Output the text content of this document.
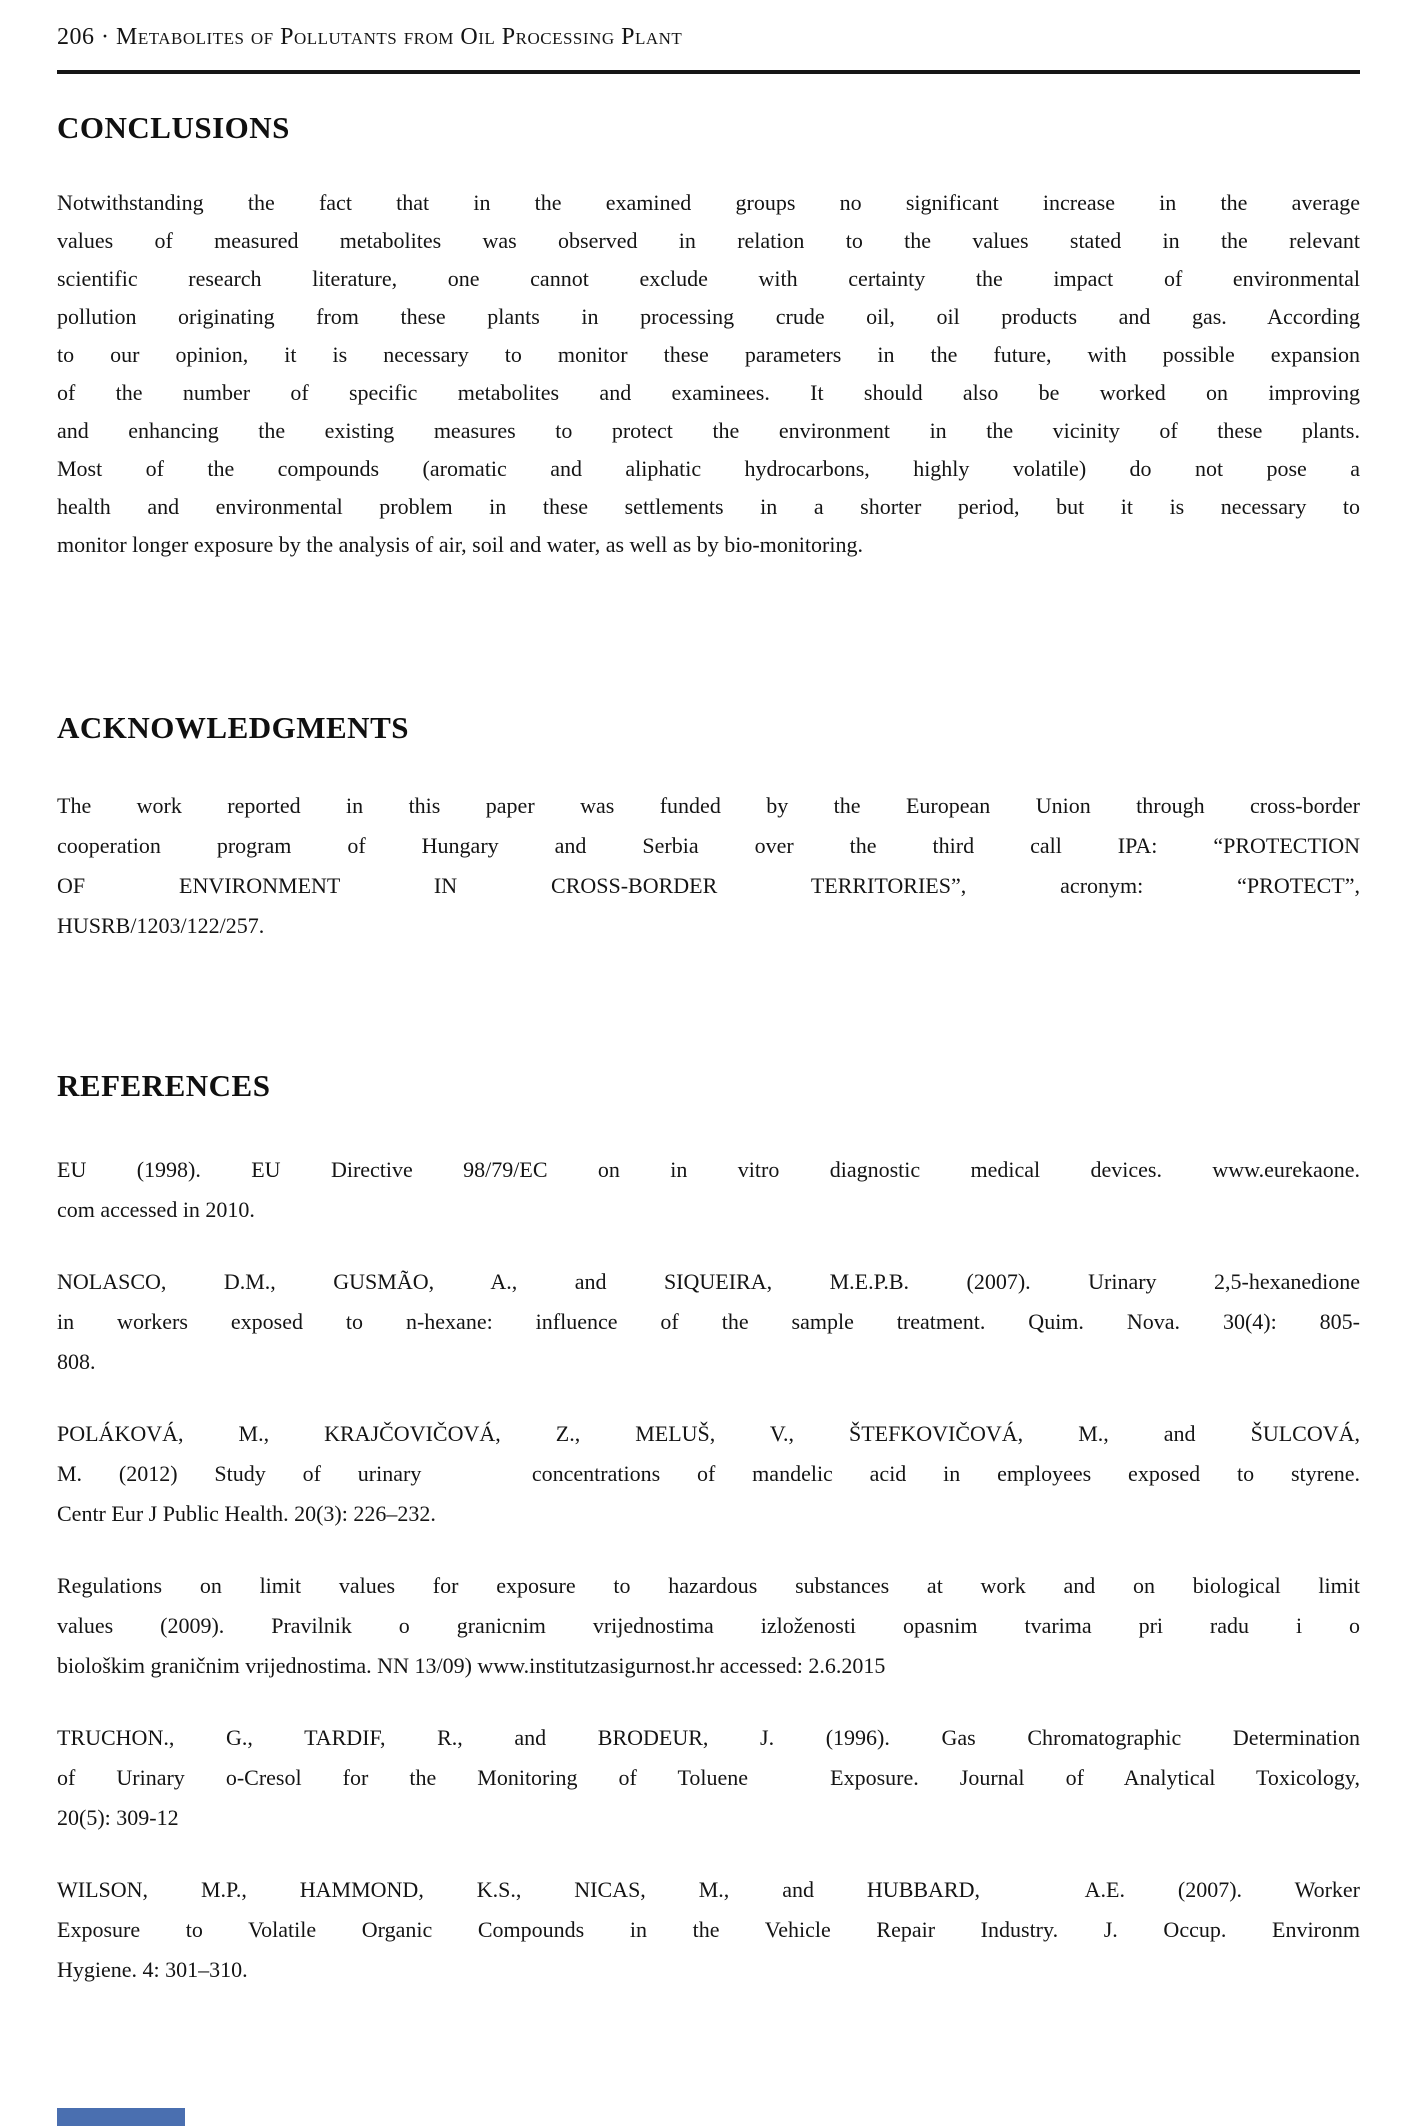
206 · Metabolites of Pollutants from Oil Processing Plant
CONCLUSIONS
Notwithstanding the fact that in the examined groups no significant increase in the average
values of measured metabolites was observed in relation to the values stated in the relevant
scientific research literature, one cannot exclude with certainty the impact of environmental
pollution originating from these plants in processing crude oil, oil products and gas. According
to our opinion, it is necessary to monitor these parameters in the future, with possible expansion
of the number of specific metabolites and examinees. It should also be worked on improving
and enhancing the existing measures to protect the environment in the vicinity of these plants.
Most of the compounds (aromatic and aliphatic hydrocarbons, highly volatile) do not pose a
health and environmental problem in these settlements in a shorter period, but it is necessary to
monitor longer exposure by the analysis of air, soil and water, as well as by bio-monitoring.
ACKNOWLEDGMENTS
The work reported in this paper was funded by the European Union through cross-border
cooperation program of Hungary and Serbia over the third call IPA: “PROTECTION
OF ENVIRONMENT IN CROSS-BORDER TERRITORIES”, acronym: “PROTECT”,
HUSRB/1203/122/257.
REFERENCES
EU (1998). EU Directive 98/79/EC on in vitro diagnostic medical devices. www.eurekaone.
com accessed in 2010.
NOLASCO, D.M., GUSMÃO, A., and SIQUEIRA, M.E.P.B. (2007). Urinary 2,5-hexanedione
in workers exposed to n-hexane: influence of the sample treatment. Quim. Nova. 30(4): 805-
808.
POLÁKOVÁ, M., KRAJČOVIČOVÁ, Z., MELUŠ, V., ŠTEFKOVIČOVÁ, M., and ŠULCOVÁ,
M. (2012) Study of urinary   concentrations of mandelic acid in employees exposed to styrene.
Centr Eur J Public Health. 20(3): 226–232.
Regulations on limit values for exposure to hazardous substances at work and on biological limit
values (2009). Pravilnik o granicnim vrijednostima izloženosti opasnim tvarima pri radu i o
biološkim graničnim vrijednostima. NN 13/09) www.institutzasigurnost.hr accessed: 2.6.2015
TRUCHON., G., TARDIF, R., and BRODEUR, J. (1996). Gas Chromatographic Determination
of Urinary o-Cresol for the Monitoring of Toluene  Exposure. Journal of Analytical Toxicology,
20(5): 309-12
WILSON, M.P., HAMMOND, K.S., NICAS, M., and HUBBARD,  A.E. (2007). Worker
Exposure to Volatile Organic Compounds in the Vehicle Repair Industry. J. Occup. Environm
Hygiene. 4: 301–310.
